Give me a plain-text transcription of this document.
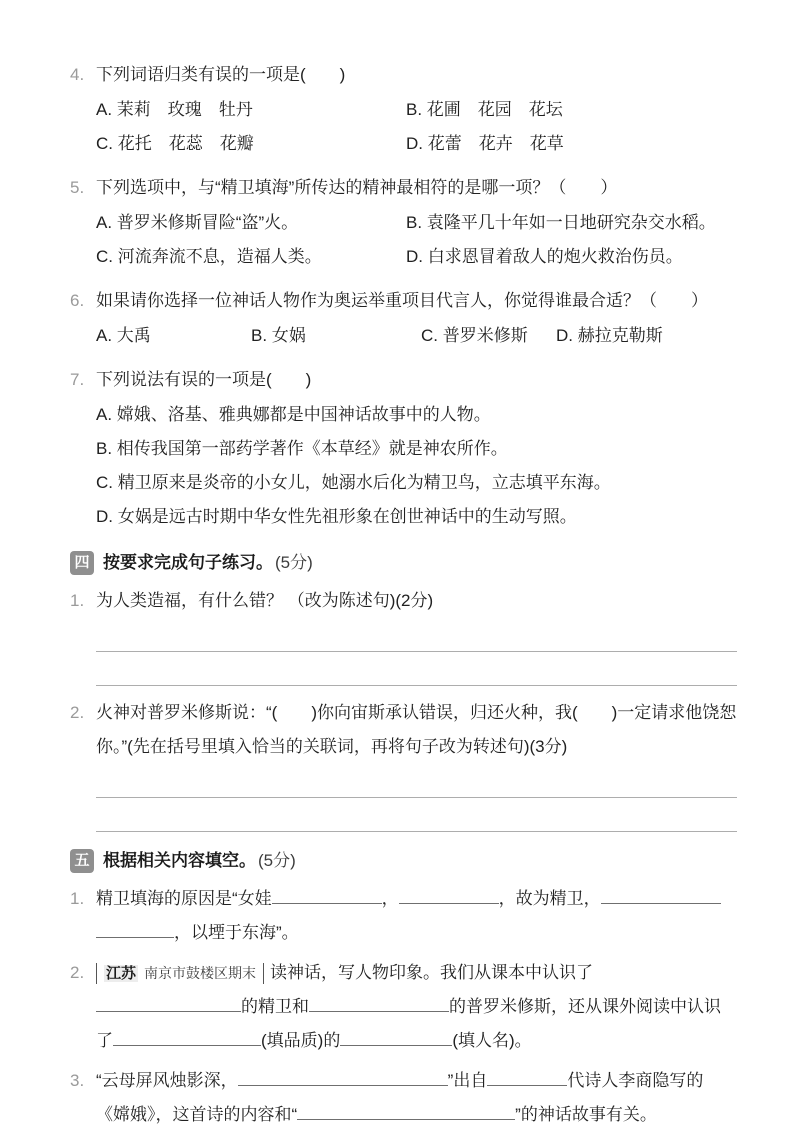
4. 下列词语归类有误的一项是(　　)
A. 茉莉　玫瑰　牡丹	B. 花圃　花园　花坛
C. 花托　花蕊　花瓣	D. 花蕾　花卉　花草
5. 下列选项中，与“精卫填海”所传达的精神最相符的是哪一项？（　　）
A. 普罗米修斯冒险“盗”火。	B. 袁隆平几十年如一日地研究杂交水稻。
C. 河流奔流不息，造福人类。	D. 白求恩冒着敌人的炮火救治伤员。
6. 如果请你选择一位神话人物作为奥运举重项目代言人，你觉得谁最合适？（　　）
A. 大禹	B. 女娲	C. 普罗米修斯	D. 赫拉克勒斯
7. 下列说法有误的一项是(　　)
A. 嫦娥、洛基、雅典娜都是中国神话故事中的人物。
B. 相传我国第一部药学著作《本草经》就是神农所作。
C. 精卫原来是炎帝的小女儿，她溺水后化为精卫鸟，立志填平东海。
D. 女娲是远古时期中华女性先祖形象在创世神话中的生动写照。
四 按要求完成句子练习。 (5分)
1. 为人类造福，有什么错？ （改为陈述句)(2分)
2. 火神对普罗米修斯说：“(　　)你向宙斯承认错误，归还火种，我(　　)一定请求他饶恕你。”(先在括号里填入恰当的关联词，再将句子改为转述句)(3分)
五 根据相关内容填空。 (5分)
1. 精卫填海的原因是“女娃	，	，故为精卫， ，以堙于东海”。
2.	江苏 南京市鼓楼区期末 读神话，写人物印象。我们从课本中认识了的精卫和	的普罗米修斯，还从课外阅读中认识了	(填品质)的	(填人名)。
3. “云母屏风烛影深，	”出自	代诗人李商隐写的《嫦娥》，这首诗的内容和“	”的神话故事有关。
